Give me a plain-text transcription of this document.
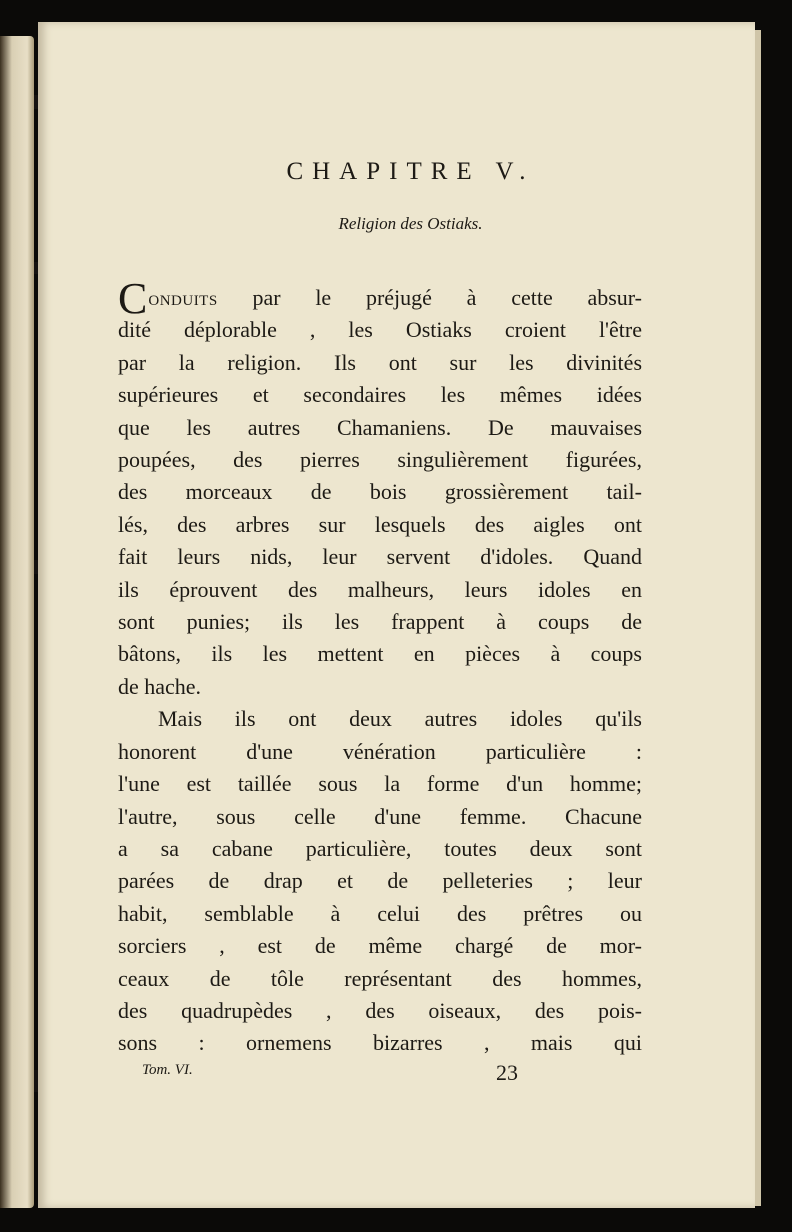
CHAPITRE V.
Religion des Ostiaks.
Conduits par le préjugé à cette absur-
dité déplorable , les Ostiaks croient l'être
par la religion. Ils ont sur les divinités
supérieures et secondaires les mêmes idées
que les autres Chamaniens. De mauvaises
poupées, des pierres singulièrement figurées,
des morceaux de bois grossièrement tail-
lés, des arbres sur lesquels des aigles ont
fait leurs nids, leur servent d'idoles. Quand
ils éprouvent des malheurs, leurs idoles en
sont punies; ils les frappent à coups de
bâtons, ils les mettent en pièces à coups
de hache.
Mais ils ont deux autres idoles qu'ils
honorent d'une vénération particulière :
l'une est taillée sous la forme d'un homme;
l'autre, sous celle d'une femme. Chacune
a sa cabane particulière, toutes deux sont
parées de drap et de pelleteries ; leur
habit, semblable à celui des prêtres ou
sorciers , est de même chargé de mor-
ceaux de tôle représentant des hommes,
des quadrupèdes , des oiseaux, des pois-
sons : ornemens bizarres , mais qui
Tom. VI.	23
